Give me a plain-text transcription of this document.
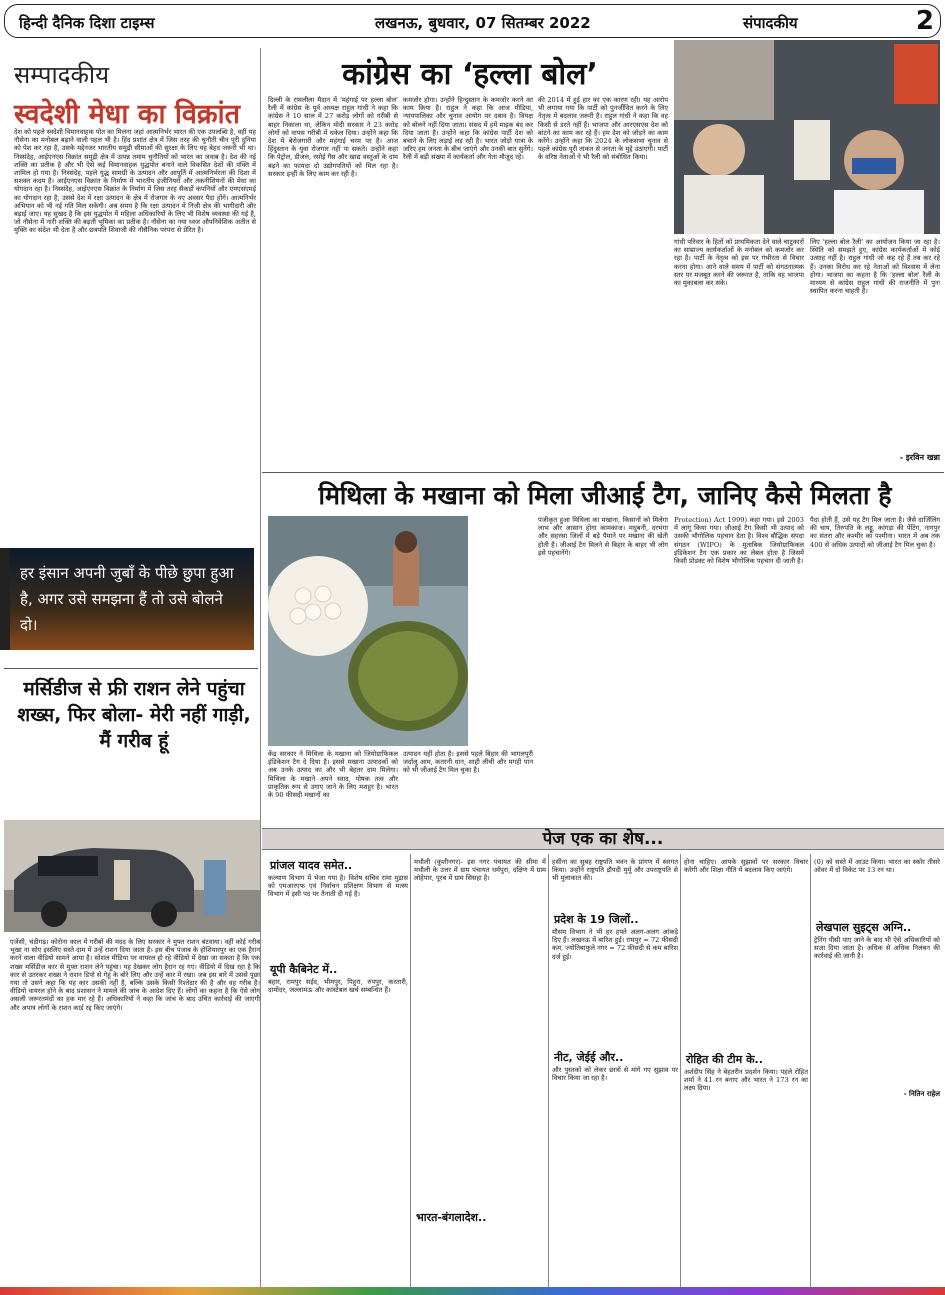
हिन्दी दैनिक दिशा टाइम्स	लखनऊ, बुधवार, 07 सितम्बर 2022	संपादकीय	2
सम्पादकीय
स्वदेशी मेधा का विक्रांत
देश को पहले स्वदेशी विमानवाहक पोत का मिलना जहां आत्मनिर्भर भारत की एक उपलब्धि है, वहीं यह नौसेना का मनोबल बढ़ाने वाली पहल भी है। हिंद प्रशांत क्षेत्र में जिस तरह की चुनौती चीन पूरी दुनिया को पेश कर रहा है, उसके मद्देनजर भारतीय समुद्री सीमाओं की सुरक्षा के लिए यह बेहद जरूरी भी था। निस्संदेह, आईएनएस विक्रांत समुद्री क्षेत्र में उत्पन्न तमाम चुनौतियों को भारत का जवाब है। देश की नई शक्ति का प्रतीक है और भी ऐसे कई विमानवाहक युद्धपोत बनाने वाले विकसित देशों की पंक्ति में शामिल हो गया है। निस्संदेह, पहले युद्ध सामग्री के उत्पादन और आपूर्ति में आत्मनिर्भरता की दिशा में सशक्त कदम है। आईएनएस विक्रांत के निर्माण में भारतीय इंजीनियरों और तकनीशियनों की मेधा का योगदान रहा है। निस्संदेह, आईएनएस विक्रांत के निर्माण में जिस तरह सैकड़ों कंपनियों और एमएसएमई का योगदान रहा है, उससे देश में रक्षा उत्पादन के क्षेत्र में रोजगार के नए अवसर पैदा होंगे। आत्मनिर्भर अभियान को भी नई गति मिल सकेगी। अब समय है कि रक्षा उत्पादन में निजी क्षेत्र की भागीदारी और बढ़ाई जाए। यह सुखद है कि इस युद्धपोत में महिला अधिकारियों के लिए भी विशेष व्यवस्था की गई है, जो नौसेना में नारी शक्ति की बढ़ती भूमिका का प्रतीक है। नौसेना का नया ध्वज औपनिवेशिक अतीत से मुक्ति का संदेश भी देता है और छत्रपति शिवाजी की नौसैनिक परंपरा से प्रेरित है।
हर इंसान अपनी जुबाँ के पीछे छुपा हुआ है, अगर उसे समझना हैं तो उसे बोलने दो।
मर्सिडीज से फ्री राशन लेने पहुंचा शख्स, फिर बोला- मेरी नहीं गाड़ी, मैं गरीब हूं
एजेंसी, चंडीगढ़। कोरोना काल में गरीबों की मदद के लिए सरकार ने मुफ्त राशन बंटवाया। वहीं कोई गरीब भूखा ना सोए इसलिए सस्ते दाम में उन्हें राशन दिया जाता है। इस बीच पंजाब के होशियारपुर का एक हैरान करने वाला वीडियो सामने आया है। सोशल मीडिया पर वायरल हो रहे वीडियो में देखा जा सकता है कि एक शख्स मर्सिडीज कार से मुफ्त राशन लेने पहुंचा। यह देखकर लोग हैरान रह गए। वीडियो में दिख रहा है कि कार से उतरकर शख्स ने राशन डिपो से गेहूं के बोरे लिए और उन्हें कार में रखा। जब इस बारे में उससे पूछा गया तो उसने कहा कि यह कार उसकी नहीं है, बल्कि उसके किसी रिश्तेदार की है और वह गरीब है। वीडियो वायरल होने के बाद प्रशासन ने मामले की जांच के आदेश दिए हैं। लोगों का कहना है कि ऐसे लोग असली जरूरतमंदों का हक मार रहे हैं। अधिकारियों ने कहा कि जांच के बाद उचित कार्रवाई की जाएगी और अपात्र लोगों के राशन कार्ड रद्द किए जाएंगे।
कांग्रेस का ‘हल्ला बोल’
दिल्ली के रामलीला मैदान में 'महंगाई पर हल्ला बोल' रैली में कांग्रेस के पूर्व अध्यक्ष राहुल गांधी ने कहा कि कांग्रेस ने 10 साल में 27 करोड़ लोगों को गरीबी से बाहर निकाला था, लेकिन मोदी सरकार ने 23 करोड़ लोगों को वापस गरीबी में धकेल दिया। उन्होंने कहा कि देश में बेरोजगारी और महंगाई चरम पर है। आज हिंदुस्तान के युवा रोजगार नहीं पा सकते। उन्होंने कहा कि पेट्रोल, डीजल, रसोई गैस और खाद्य वस्तुओं के दाम बढ़ने का फायदा दो उद्योगपतियों को मिल रहा है। सरकार इन्हीं के लिए काम कर रही है।
कमजोर होगा। उन्होंने हिन्दुस्तान के कमजोर करने का काम किया है। राहुल ने कहा कि आज मीडिया, न्यायपालिका और चुनाव आयोग पर दबाव है। विपक्ष को बोलने नहीं दिया जाता। संसद में हमें माइक बंद कर दिया जाता है। उन्होंने कहा कि कांग्रेस पार्टी देश को बचाने के लिए लड़ाई लड़ रही है। भारत जोड़ो यात्रा के जरिए हम जनता के बीच जाएंगे और उनकी बात सुनेंगे। रैली में बड़ी संख्या में कार्यकर्ता और नेता मौजूद रहे।
की 2014 में हुई हार का एक कारण रही। यह आरोप भी लगाया गया कि पार्टी को पुनर्जीवित करने के लिए नेतृत्व में बदलाव जरूरी है। राहुल गांधी ने कहा कि वह किसी से डरते नहीं हैं। भाजपा और आरएसएस देश को बांटने का काम कर रहे हैं। हम देश को जोड़ने का काम करेंगे। उन्होंने कहा कि 2024 के लोकसभा चुनाव से पहले कांग्रेस पूरी ताकत से जनता के मुद्दे उठाएगी। पार्टी के वरिष्ठ नेताओं ने भी रैली को संबोधित किया।
गांधी परिवार के हितों को प्राथमिकता देने वाले चाटुकारों का साम्राज्य कार्यकर्ताओं के मनोबल को कमजोर कर रहा है। पार्टी के नेतृत्व को इस पर गंभीरता से विचार करना होगा। आने वाले समय में पार्टी को संगठनात्मक स्तर पर मजबूत करने की जरूरत है, ताकि वह भाजपा का मुकाबला कर सके।
लिए 'हल्ला बोल रैली' का आयोजन किया जा रहा है। स्थिति को समझते हुए, कांग्रेस कार्यकर्ताओं में कोई उत्साह नहीं है। राहुल गांधी जो कह रहे हैं तब कर रहे हैं। उनका विरोध कर रहे नेताओं को विश्वास में लेना होगा। भाजपा का कहना है कि 'हल्ला बोल' रैली के माध्यम से कांग्रेस राहुल गांधी की राजनीति में पुनः स्थापित करना चाहती है।
- इरविन खन्ना
मिथिला के मखाना को मिला जीआई टैग, जानिए कैसे मिलता है
केंद्र सरकार ने मिथिला के मखाना को जियोग्राफिकल इंडिकेशन टैग दे दिया है। इससे मखाना उत्पादकों को अब उनके उत्पाद का और भी बेहतर दाम मिलेगा। मिथिला के मखाने अपने स्वाद, पोषक तत्व और प्राकृतिक रूप से उगाए जाने के लिए मशहूर है। भारत के 90 फीसदी मखानों का
उत्पादन यहीं होता है। इससे पहले बिहार की भागलपुरी जर्दालु आम, कतरनी धान, शाही लीची और मगही पान को भी जीआई टैग मिल चुका है।
पंजीकृत हुआ मिथिला का मखाना, किसानों को मिलेगा लाभ और आसान होगा कामकाज। मधुबनी, दरभंगा और सहरसा जिलों में बड़े पैमाने पर मखाना की खेती होती है। जीआई टैग मिलने से बिहार के बाहर भी लोग इसे पहचानेंगे।
Protection) Act 1999) कहा गया। इसे 2003 में लागू किया गया। जीआई टैग किसी भी उत्पाद को उसकी भौगोलिक पहचान देता है। विश्व बौद्धिक संपदा संगठन (WIPO) के मुताबिक जियोग्राफिकल इंडिकेशन टैग एक प्रकार का लेबल होता है जिसमें किसी प्रोडक्ट को विशेष भौगोलिक पहचान दी जाती है।
पैदा होती हैं, उसे यह टैग मिल जाता है। जैसे दार्जिलिंग की चाय, तिरुपति के लड्डू, कांगड़ा की पेंटिंग, नागपुर का संतरा और कश्मीर का पश्मीना। भारत में अब तक 400 से अधिक उत्पादों को जीआई टैग मिल चुका है।
पेज एक का शेष...
प्रांजल यादव समेत..
कल्याण विभाग में भेजा गया है। विशेष सचिव रामा मुद्रास को एमआरएफ एवं निर्वाचन प्रशिक्षण विभाग से मत्स्य विभाग में इसी पद पर तैनाती दी गई है।
यूपी कैबिनेट में..
बहार, रामपुर सईद, भीमपुर, पिहुरा, रुपपुर, करतारी, दामोदर, जल्लामऊ और कांस्टेबल खर्च सम्बन्धित हैं।
मथौली (कुशीनगर)- इस नगर पंचायत की सीमा में मथौली के उत्तर में ग्राम पंचायत धर्मपुरा, दक्षिण में ग्राम लोहेपार, पूरब में ग्राम सिसहा है।
भारत-बंगलादेश..
हसीना का सुबह राष्ट्रपति भवन के प्रांगण में स्वागत किया। उन्होंने राष्ट्रपति द्रौपदी मुर्मू और उपराष्ट्रपति से भी मुलाकात की।
प्रदेश के 19 जिलों..
मौसम विभाग ने भी हर हफ्ते अलग-अलग आंकड़े दिए हैं। लखनऊ में बारिश हुई। रामपुर = 72 फीसदी कम, ज्योतिबाफुले नगर = 72 फीसदी से कम बारिश दर्ज हुई।
नीट, जेईई और..
और पुस्तकों को लेकर छात्रों से मांगे गए सुझाव पर विचार किया जा रहा है।
होना चाहिए। आपके सुझावों पर सरकार विचार करेगी और शिक्षा नीति में बदलाव किए जाएंगे।
रोहित की टीम के..
अर्शदीप सिंह ने बेहतरीन प्रदर्शन किया। पहले रोहित शर्मा ने 41 रन बनाए और भारत ने 173 रन का लक्ष्य दिया।
(0) को सस्ते में आउट किया। भारत का स्कोर तीसरे ओवर में दो विकेट पर 13 रन था।
लेखपाल सुइट्स अग्नि..
ट्रेनिंग पीसी पाए जाने के बाद भी ऐसे अधिकारियों को सजा दिया जाता है। अधिक से अधिक निलंबन की कार्रवाई की जानी है।
- नितिन राहेल
